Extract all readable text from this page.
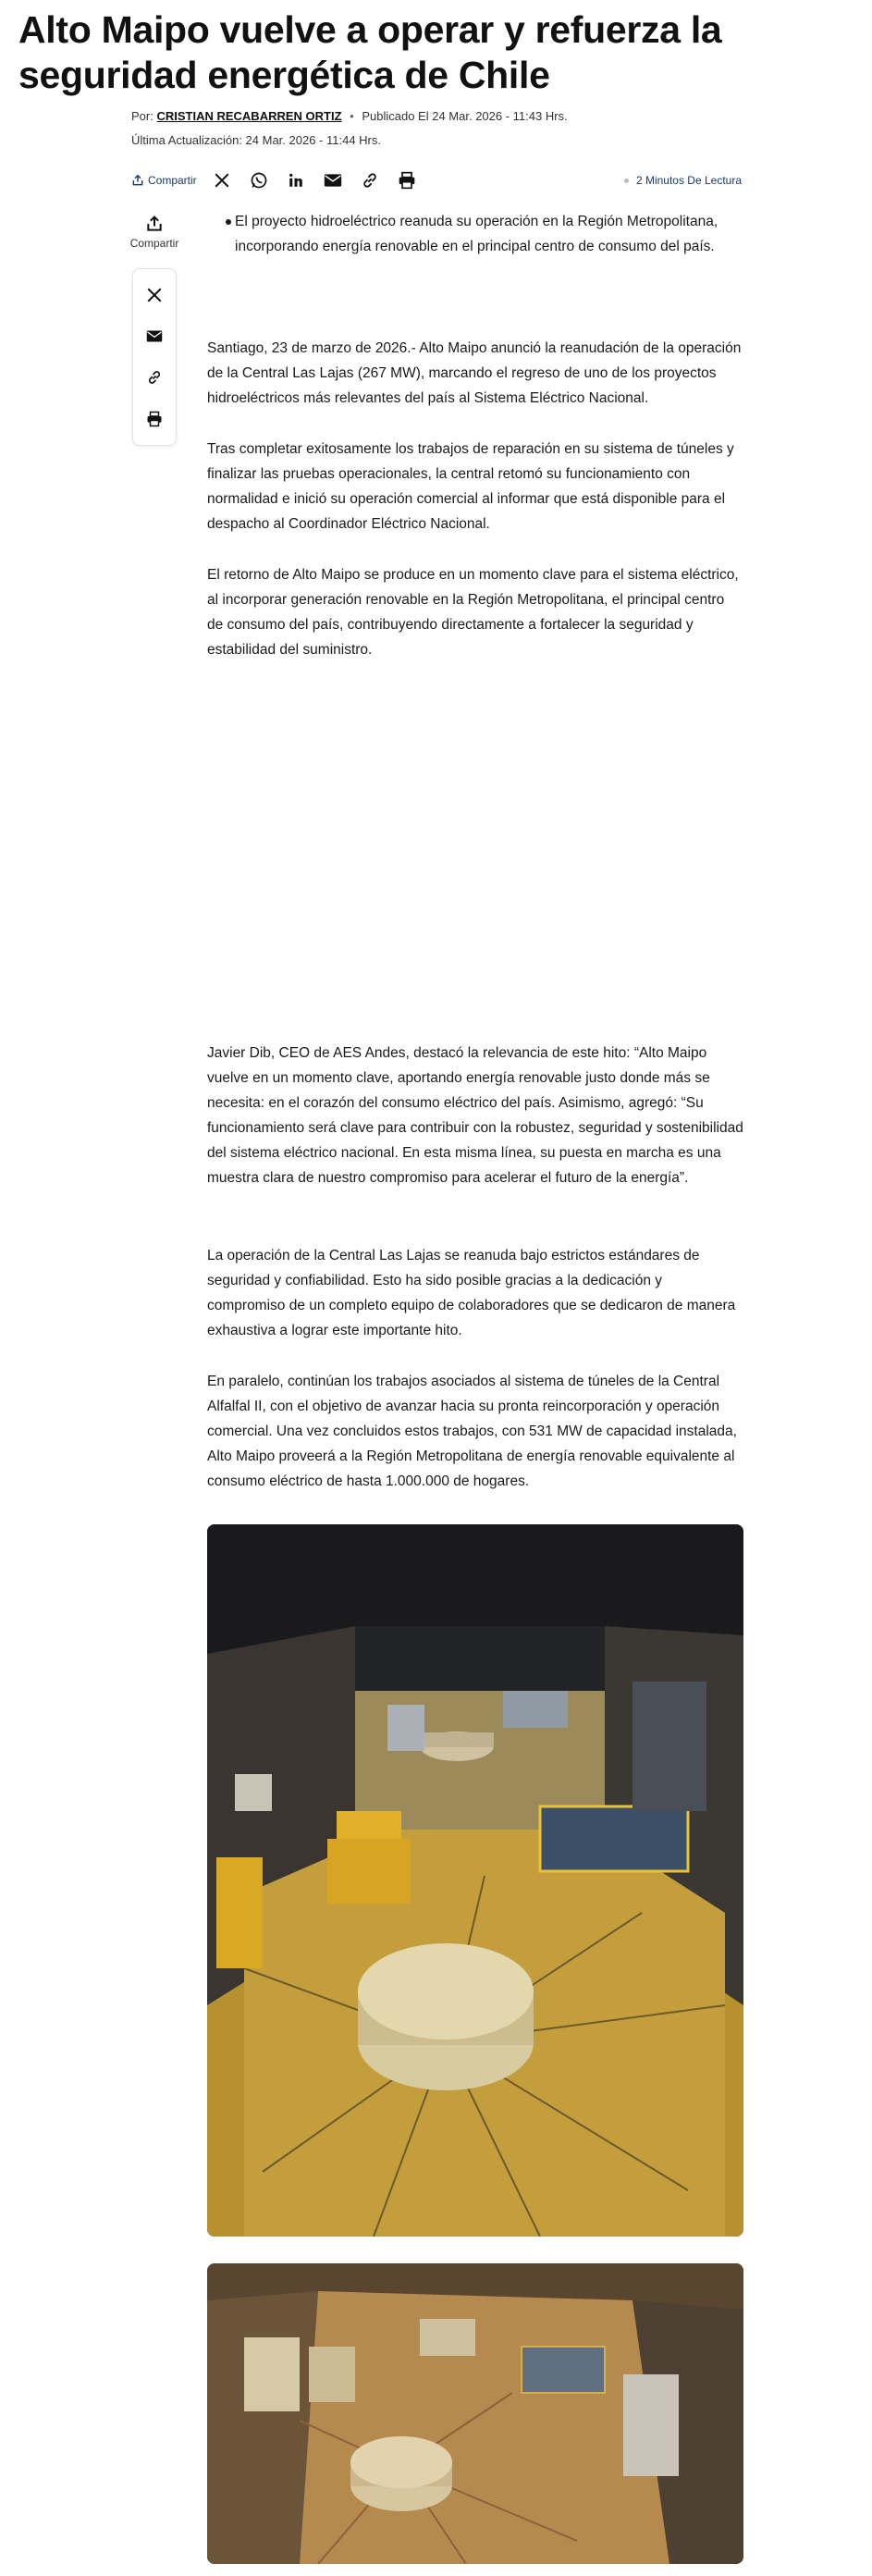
Alto Maipo vuelve a operar y refuerza la seguridad energética de Chile
Por: CRISTIAN RECABARREN ORTIZ • Publicado El 24 Mar. 2026 - 11:43 Hrs.
Última Actualización: 24 Mar. 2026 - 11:44 Hrs.
Compartir	2 Minutos De Lectura
Compartir
El proyecto hidroeléctrico reanuda su operación en la Región Metropolitana,
incorporando energía renovable en el principal centro de consumo del país.

Santiago, 23 de marzo de 2026.- Alto Maipo anunció la reanudación de la operación de la Central Las Lajas (267 MW), marcando el regreso de uno de los proyectos hidroeléctricos más relevantes del país al Sistema Eléctrico Nacional.

Tras completar exitosamente los trabajos de reparación en su sistema de túneles y finalizar las pruebas operacionales, la central retomó su funcionamiento con normalidad e inició su operación comercial al informar que está disponible para el despacho al Coordinador Eléctrico Nacional.

El retorno de Alto Maipo se produce en un momento clave para el sistema eléctrico, al incorporar generación renovable en la Región Metropolitana, el principal centro de consumo del país, contribuyendo directamente a fortalecer la seguridad y estabilidad del suministro.

Javier Dib, CEO de AES Andes, destacó la relevancia de este hito: “Alto Maipo vuelve en un momento clave, aportando energía renovable justo donde más se necesita: en el corazón del consumo eléctrico del país. Asimismo, agregó: “Su funcionamiento será clave para contribuir con la robustez, seguridad y sostenibilidad del sistema eléctrico nacional. En esta misma línea, su puesta en marcha es una muestra clara de nuestro compromiso para acelerar el futuro de la energía”.

La operación de la Central Las Lajas se reanuda bajo estrictos estándares de seguridad y confiabilidad. Esto ha sido posible gracias a la dedicación y compromiso de un completo equipo de colaboradores que se dedicaron de manera exhaustiva a lograr este importante hito.

En paralelo, continúan los trabajos asociados al sistema de túneles de la Central Alfalfal II, con el objetivo de avanzar hacia su pronta reincorporación y operación comercial. Una vez concluidos estos trabajos, con 531 MW de capacidad instalada, Alto Maipo proveerá a la Región Metropolitana de energía renovable equivalente al consumo eléctrico de hasta 1.000.000 de hogares.
